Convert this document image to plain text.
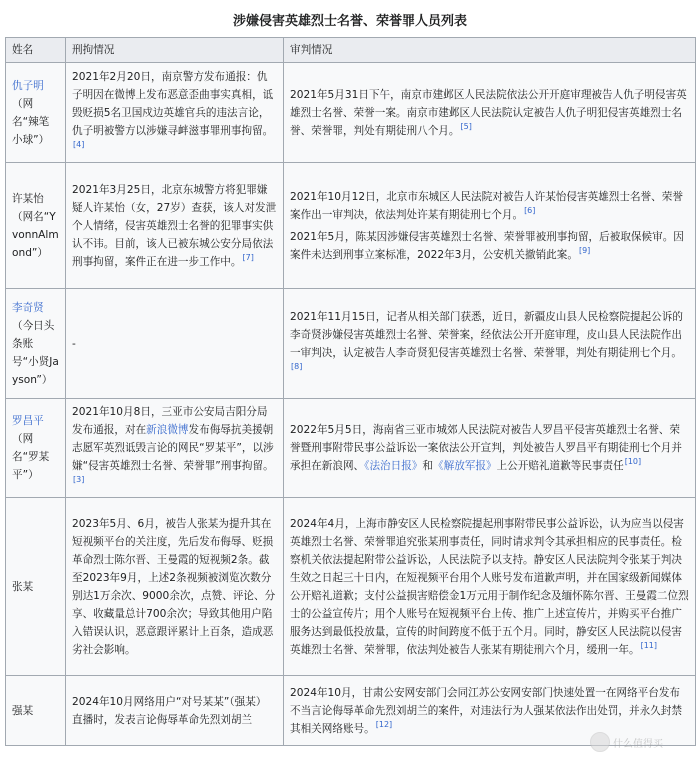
涉嫌侵害英雄烈士名誉、荣誉罪人员列表
姓名	刑拘情况	审判情况
仇子明
（网名“辣笔小球”）	2021年2月20日，南京警方发布通报：仇子明因在微博上发布恶意歪曲事实真相，诋毁贬损5名卫国戍边英雄官兵的违法言论，仇子明被警方以涉嫌寻衅滋事罪刑事拘留。[4]	2021年5月31日下午，南京市建邺区人民法院依法公开开庭审理被告人仇子明侵害英雄烈士名誉、荣誉一案。南京市建邺区人民法院认定被告人仇子明犯侵害英雄烈士名誉、荣誉罪，判处有期徒刑八个月。[5]

许某怡（网名“YvonnAlmond”）	2021年3月25日，北京东城警方将犯罪嫌疑人许某怡（女，27岁）查获，该人对发泄个人情绪，侵害英雄烈士名誉的犯罪事实供认不讳。目前，该人已被东城公安分局依法刑事拘留，案件正在进一步工作中。[7]	2021年10月12日，北京市东城区人民法院对被告人许某怡侵害英雄烈士名誉、荣誉案作出一审判决，依法判处许某有期徒刑七个月。[6]
2021年5月，陈某因涉嫌侵害英雄烈士名誉、荣誉罪被刑事拘留，后被取保候审。因案件未达到刑事立案标准，2022年3月，公安机关撤销此案。[9]

李奇贤
（今日头条账号“小贤Jayson”）	-	2021年11月15日，记者从相关部门获悉，近日，新疆皮山县人民检察院提起公诉的李奇贤涉嫌侵害英雄烈士名誉、荣誉案，经依法公开开庭审理，皮山县人民法院作出一审判决，认定被告人李奇贤犯侵害英雄烈士名誉、荣誉罪，判处有期徒刑七个月。[8]

罗昌平
（网名“罗某平”）	2021年10月8日，三亚市公安局吉阳分局发布通报，对在新浪微博发布侮辱抗美援朝志愿军英烈诋毁言论的网民“罗某平”，以涉嫌“侵害英雄烈士名誉、荣誉罪”刑事拘留。[3]	2022年5月5日，海南省三亚市城郊人民法院对被告人罗昌平侵害英雄烈士名誉、荣誉暨刑事附带民事公益诉讼一案依法公开宣判，判处被告人罗昌平有期徒刑七个月并承担在新浪网、《法治日报》和《解放军报》上公开赔礼道歉等民事责任[10]
张某	2023年5月、6月，被告人张某为提升其在短视频平台的关注度，先后发布侮辱、贬损革命烈士陈尔晋、王曼霞的短视频2条。截至2023年9月，上述2条视频被浏览次数分别达1万余次、9000余次，点赞、评论、分享、收藏量总计700余次；导致其他用户陷入错误认识，恶意跟评累计上百条，造成恶劣社会影响。	2024年4月，上海市静安区人民检察院提起刑事附带民事公益诉讼，认为应当以侵害英雄烈士名誉、荣誉罪追究张某刑事责任，同时请求判令其承担相应的民事责任。检察机关依法提起附带公益诉讼，人民法院予以支持。静安区人民法院判令张某于判决生效之日起三十日内，在短视频平台用个人账号发布道歉声明，并在国家级新闻媒体公开赔礼道歉；支付公益损害赔偿金1万元用于制作纪念及缅怀陈尔晋、王曼霞二位烈士的公益宣传片；用个人账号在短视频平台上传、推广上述宣传片，并购买平台推广服务达到最低投放量，宣传的时间跨度不低于五个月。同时，静安区人民法院以侵害英雄烈士名誉、荣誉罪，依法判处被告人张某有期徒刑六个月，缓刑一年。[11]

强某	2024年10月网络用户“对号某某”（强某）直播时，发表言论侮辱革命先烈刘胡兰	2024年10月，甘肃公安网安部门会同江苏公安网安部门快速处置一在网络平台发布不当言论侮辱革命先烈刘胡兰的案件，对违法行为人强某依法作出处罚，并永久封禁其相关网络账号。[12]
什么值得买
